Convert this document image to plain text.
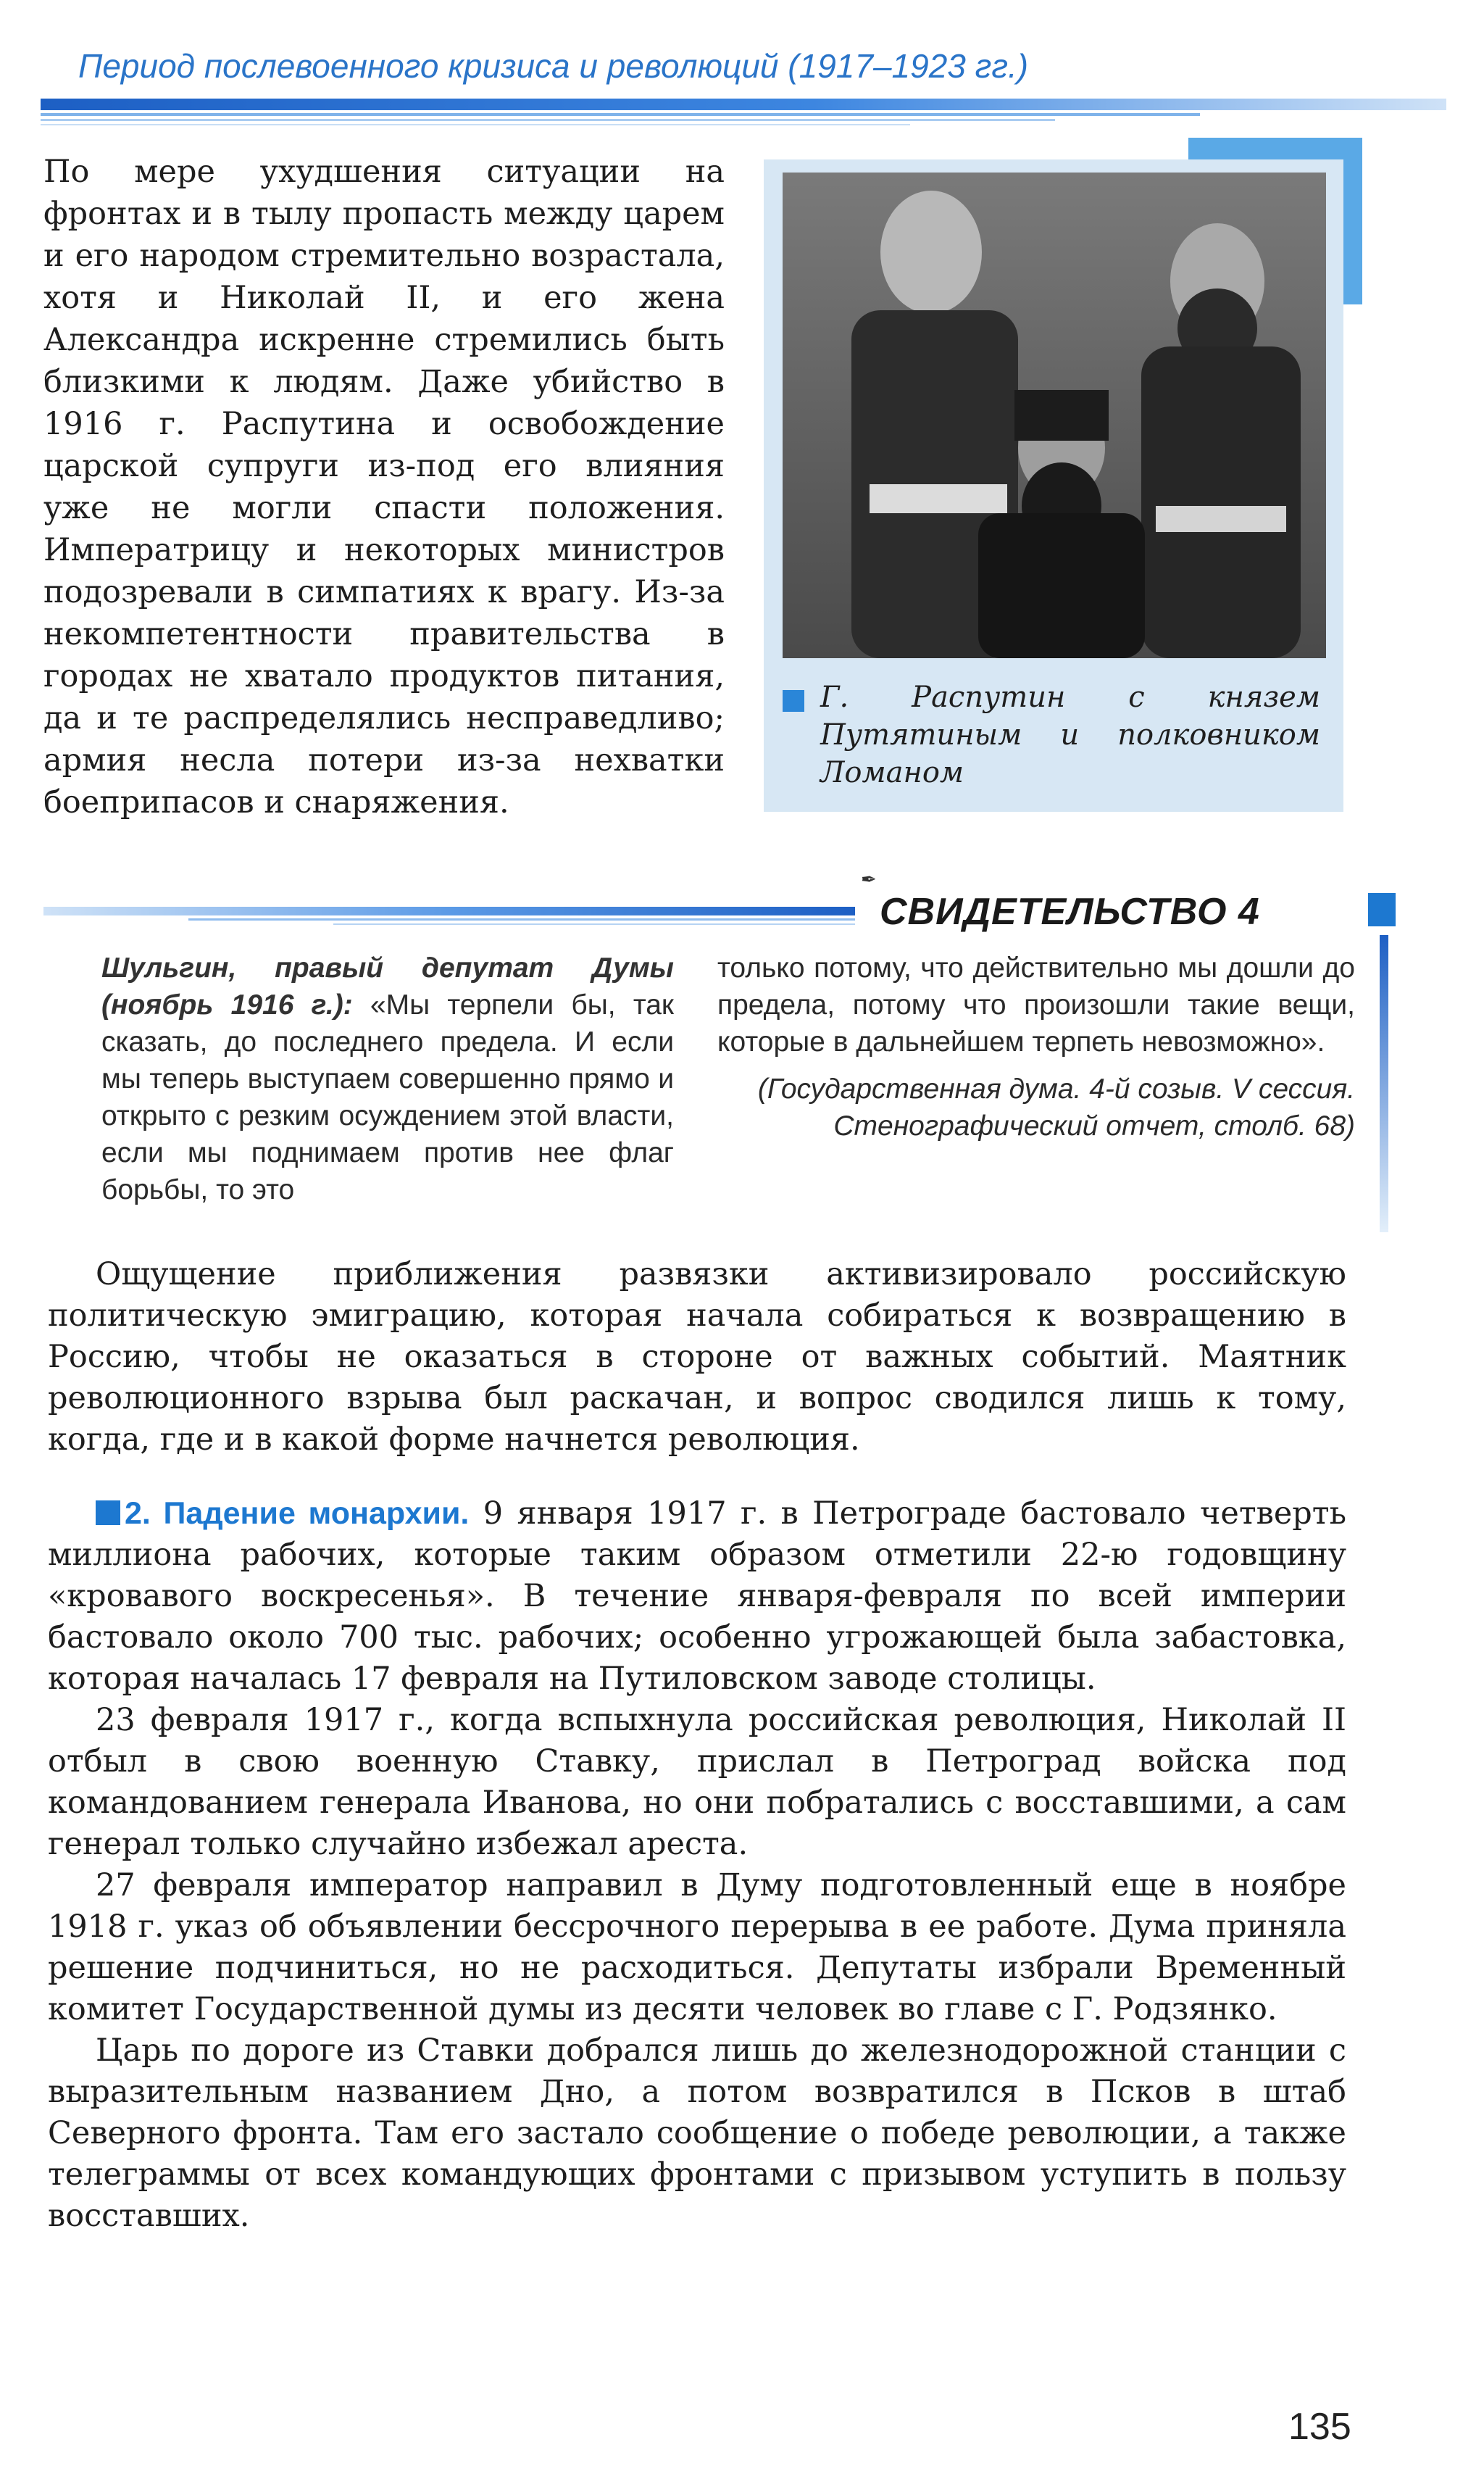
Период послевоенного кризиса и революций (1917–1923 гг.)

По мере ухудшения ситуации на фронтах и в тылу пропасть между царем и его народом стремительно возрастала, хотя и Николай II, и его жена Александра искренне стремились быть близкими к людям. Даже убийство в 1916 г. Распутина и освобождение царской супруги из-под его влияния уже не могли спасти положения. Императрицу и некоторых министров подозревали в симпатиях к врагу. Из-за некомпетентности правительства в городах не хватало продуктов питания, да и те распределялись несправедливо; армия несла потери из-за нехватки боеприпасов и снаряжения.

Г. Распутин с князем Путятиным и полковником Ломаном
✒
СВИДЕТЕЛЬСТВО 4

Шульгин, правый депутат Думы (ноябрь 1916 г.): «Мы терпели бы, так сказать, до последнего предела. И если мы теперь выступаем совершенно прямо и открыто с резким осуждением этой власти, если мы поднимаем против нее флаг борьбы, то это

только потому, что действительно мы дошли до предела, потому что произошли такие вещи, которые в дальнейшем терпеть невозможно».

(Государственная дума. 4-й созыв. V сессия. Стенографический отчет, столб. 68)

Ощущение приближения развязки активизировало российскую политическую эмиграцию, которая начала собираться к возвращению в Россию, чтобы не оказаться в стороне от важных событий. Маятник революционного взрыва был раскачан, и вопрос сводился лишь к тому, когда, где и в какой форме начнется революция.

2. Падение монархии. 9 января 1917 г. в Петрограде бастовало четверть миллиона рабочих, которые таким образом отметили 22-ю годовщину «кровавого воскресенья». В течение января-февраля по всей империи бастовало около 700 тыс. рабочих; особенно угрожающей была забастовка, которая началась 17 февраля на Путиловском заводе столицы.

23 февраля 1917 г., когда вспыхнула российская революция, Николай II отбыл в свою военную Ставку, прислал в Петроград войска под командованием генерала Иванова, но они побратались с восставшими, а сам генерал только случайно избежал ареста.

27 февраля император направил в Думу подготовленный еще в ноябре 1918 г. указ об объявлении бессрочного перерыва в ее работе. Дума приняла решение подчиниться, но не расходиться. Депутаты избрали Временный комитет Государственной думы из десяти человек во главе с Г. Родзянко.

Царь по дороге из Ставки добрался лишь до железнодорожной станции с выразительным названием Дно, а потом возвратился в Псков в штаб Северного фронта. Там его застало сообщение о победе революции, а также телеграммы от всех командующих фронтами с призывом уступить в пользу восставших.

135
